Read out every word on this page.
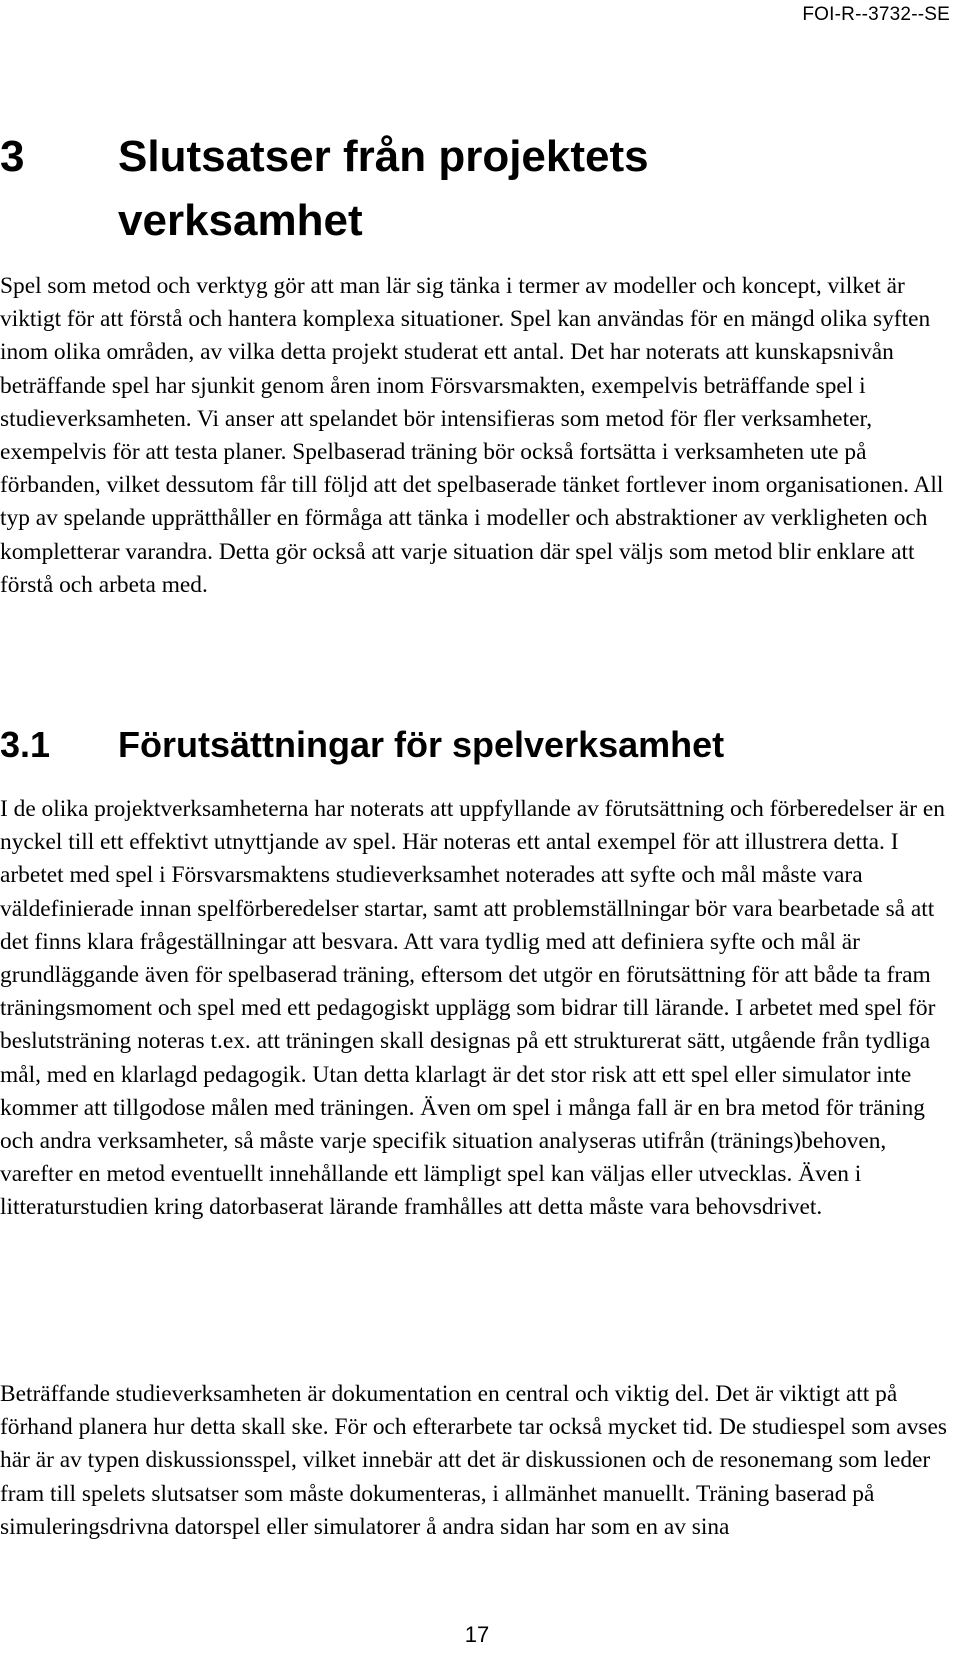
FOI-R--3732--SE
3	Slutsatser från projektets verksamhet

Spel som metod och verktyg gör att man lär sig tänka i termer av modeller och koncept, vilket är viktigt för att förstå och hantera komplexa situationer. Spel kan användas för en mängd olika syften inom olika områden, av vilka detta projekt studerat ett antal. Det har noterats att kunskapsnivån beträffande spel har sjunkit genom åren inom Försvarsmakten, exempelvis beträffande spel i studieverksamheten. Vi anser att spelandet bör intensifieras som metod för fler verksamheter, exempelvis för att testa planer. Spelbaserad träning bör också fortsätta i verksamheten ute på förbanden, vilket dessutom får till följd att det spelbaserade tänket fortlever inom organisationen. All typ av spelande upprätthåller en förmåga att tänka i modeller och abstraktioner av verkligheten och kompletterar varandra. Detta gör också att varje situation där spel väljs som metod blir enklare att förstå och arbeta med.

3.1	Förutsättningar för spelverksamhet

I de olika projektverksamheterna har noterats att uppfyllande av förutsättning och förberedelser är en nyckel till ett effektivt utnyttjande av spel. Här noteras ett antal exempel för att illustrera detta. I arbetet med spel i Försvarsmaktens studieverksamhet noterades att syfte och mål måste vara väldefinierade innan spelförberedelser startar, samt att problemställningar bör vara bearbetade så att det finns klara frågeställningar att besvara. Att vara tydlig med att definiera syfte och mål är grundläggande även för spelbaserad träning, eftersom det utgör en förutsättning för att både ta fram träningsmoment och spel med ett pedagogiskt upplägg som bidrar till lärande. I arbetet med spel för beslutsträning noteras t.ex. att träningen skall designas på ett strukturerat sätt, utgående från tydliga mål, med en klarlagd pedagogik. Utan detta klarlagt är det stor risk att ett spel eller simulator inte kommer att tillgodose målen med träningen. Även om spel i många fall är en bra metod för träning och andra verksamheter, så måste varje specifik situation analyseras utifrån (tränings)behoven, varefter en metod eventuellt innehållande ett lämpligt spel kan väljas eller utvecklas. Även i litteraturstudien kring datorbaserat lärande framhålles att detta måste vara behovsdrivet.

Beträffande studieverksamheten är dokumentation en central och viktig del. Det är viktigt att på förhand planera hur detta skall ske. För och efterarbete tar också mycket tid. De studiespel som avses här är av typen diskussionsspel, vilket innebär att det är diskussionen och de resonemang som leder fram till spelets slutsatser som måste dokumenteras, i allmänhet manuellt. Träning baserad på simuleringsdrivna datorspel eller simulatorer å andra sidan har som en av sina

17
